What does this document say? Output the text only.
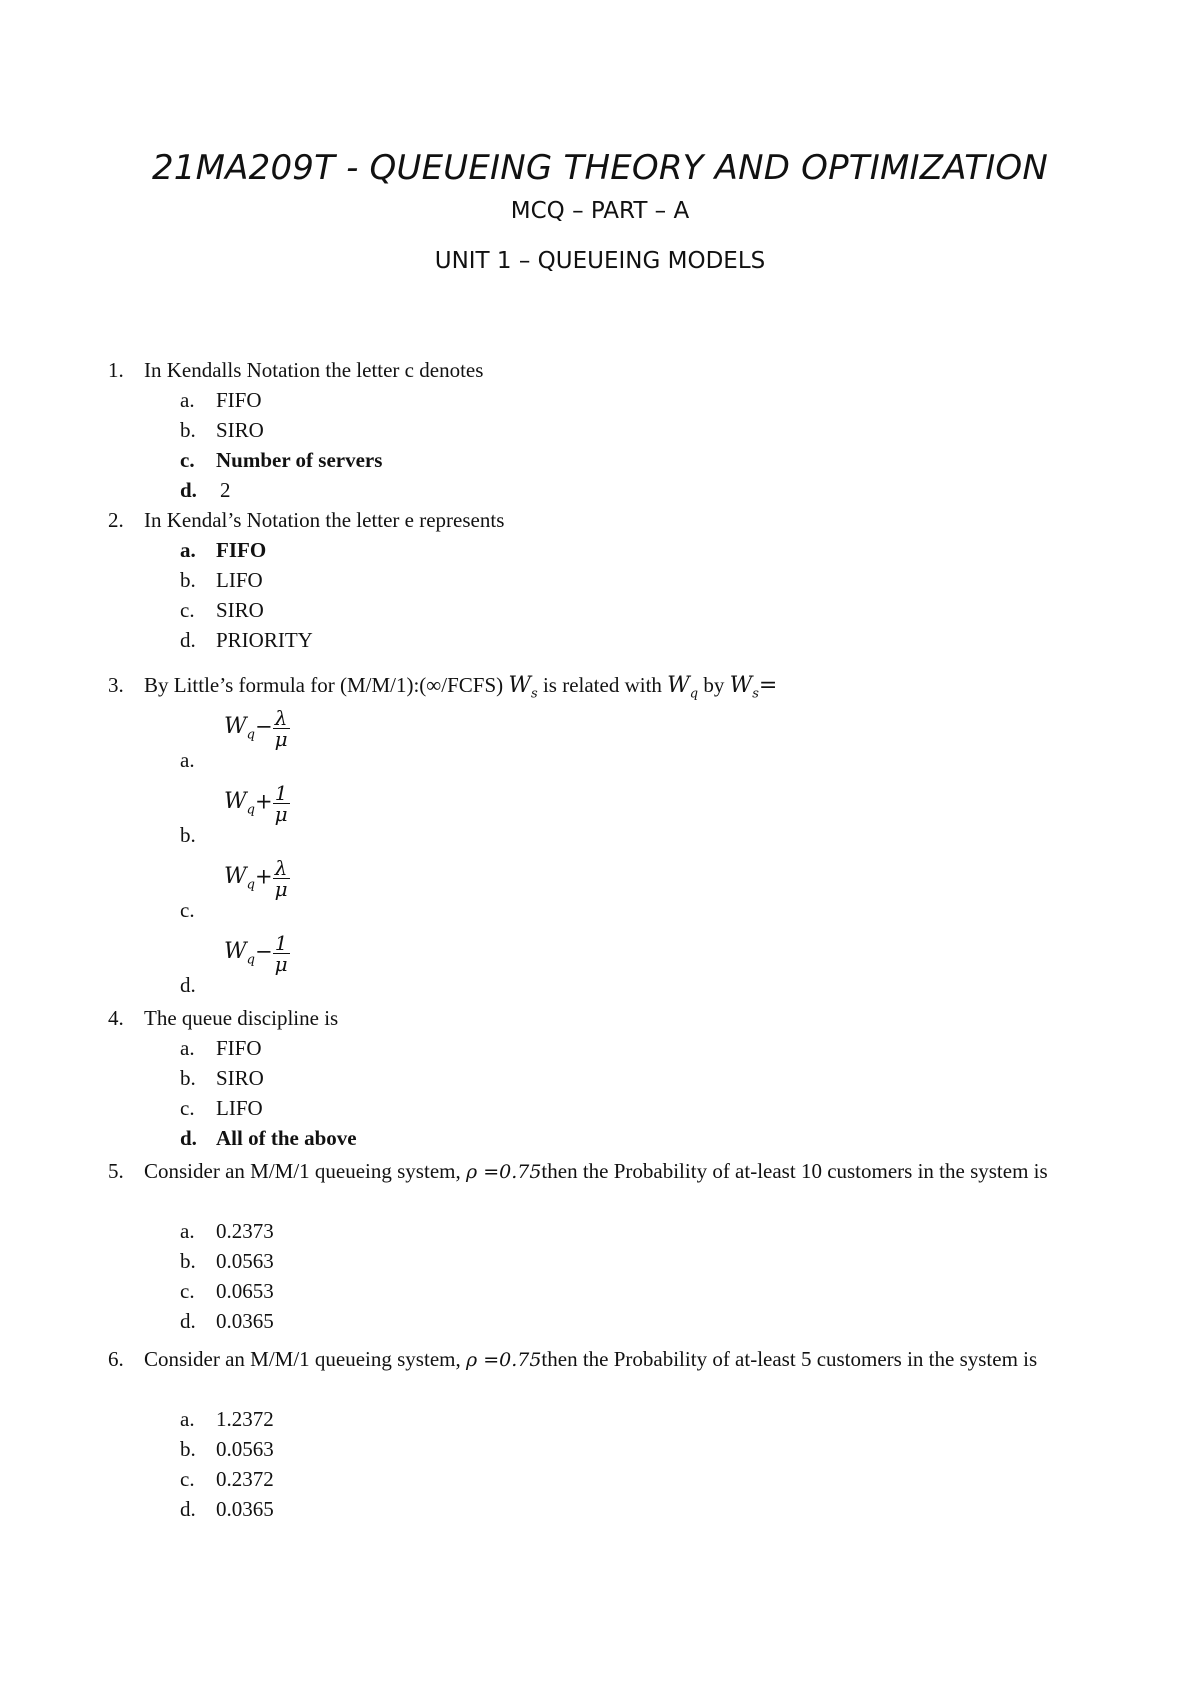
21MA209T - QUEUEING THEORY AND OPTIMIZATION
MCQ – PART – A
UNIT 1 – QUEUEING MODELS
1. In Kendalls Notation the letter c denotes
a. FIFO
b. SIRO
c. Number of servers
d. 2
2. In Kendal’s Notation the letter e represents
a. FIFO
b. LIFO
c. SIRO
d. PRIORITY
3. By Little’s formula for (M/M/1):(∞/FCFS) $W_s$ is related with $W_q$ by $W_s=$
a.
$W_q- \frac{\lambda}{\mu}$
b.
$W_q+ \frac{1}{\mu}$
c.
$W_q+ \frac{\lambda}{\mu}$
d.
$W_q- \frac{1}{\mu}$
4. The queue discipline is
a. FIFO
b. SIRO
c. LIFO
d. All of the above
5. Consider an M/M/1 queueing system, ρ =0.75then the Probability of at-least 10 customers in the system is
a. 0.2373
b. 0.0563
c. 0.0653
d. 0.0365
6. Consider an M/M/1 queueing system, ρ =0.75then the Probability of at-least 5 customers in the system is
a. 1.2372
b. 0.0563
c. 0.2372
d. 0.0365
